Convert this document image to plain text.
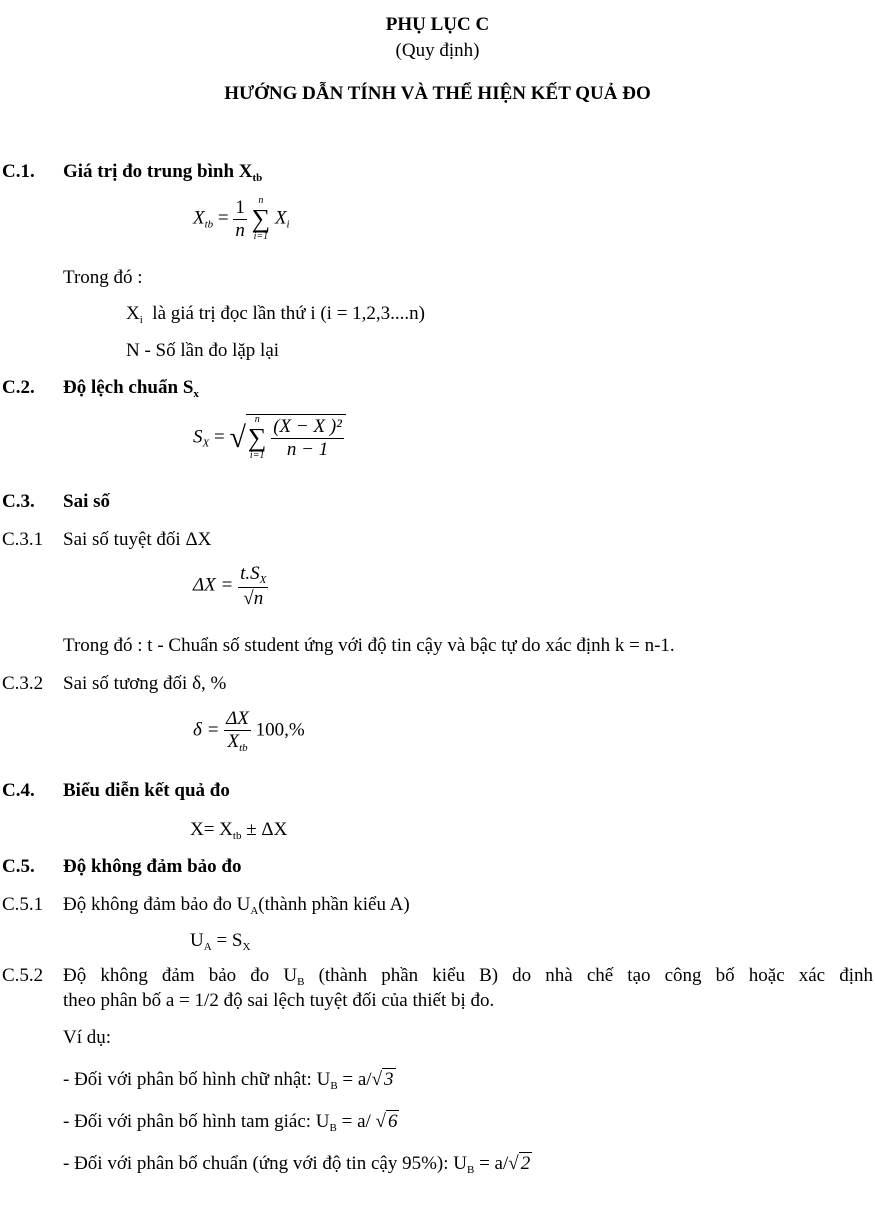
PHỤ LỤC C
(Quy định)
HƯỚNG DẪN TÍNH VÀ THỂ HIỆN KẾT QUẢ ĐO
C.1. Giá trị đo trung bình $X_{tb}$
$X_{tb} = \frac{1}{n}$
	n
∑
i=1
$X_i$
Trong đó :
$X_i$ là giá trị đọc lần thứ i (i = 1,2,3....n)
N - Số lần đo lặp lại
C.2. Độ lệch chuẩn $S_x$
$S_X$ = √
n
∑
i=1
$\frac{\text{(X − X )²}}{n - 1}$
C.3. Sai số
C.3.1 Sai số tuyệt đối ΔX
$\Delta X = \frac{t.S_X}{√n}$
Trong đó : t - Chuẩn số student ứng với độ tin cậy và bậc tự do xác định k = n-1.
C.3.2 Sai số tương đối δ, %
$\delta = \frac{\Delta X}{X_{tb}} 100,\%$
C.4. Biểu diễn kết quả đo
$X= X_{tb} \pm \Delta X$
C.5. Độ không đảm bảo đo
C.5.1 Độ không đảm bảo đo $U_A(thành$ phần kiểu A)
$U_A = S_X$
C.5.2 Độ không đảm bảo đo $U_B$ (thành phần kiểu B) do nhà chế tạo công bố hoặc xác định
theo phân bố a = 1/2 độ sai lệch tuyệt đối của thiết bị đo.
Ví dụ:
- Đối với phân bố hình chữ nhật: $U_B = a/√$ 3
- Đối với phân bố hình tam giác: $U_B = a/$ √ 6
- Đối với phân bố chuẩn (ứng với độ tin cậy 95%): $U_B = a/√$ 2
